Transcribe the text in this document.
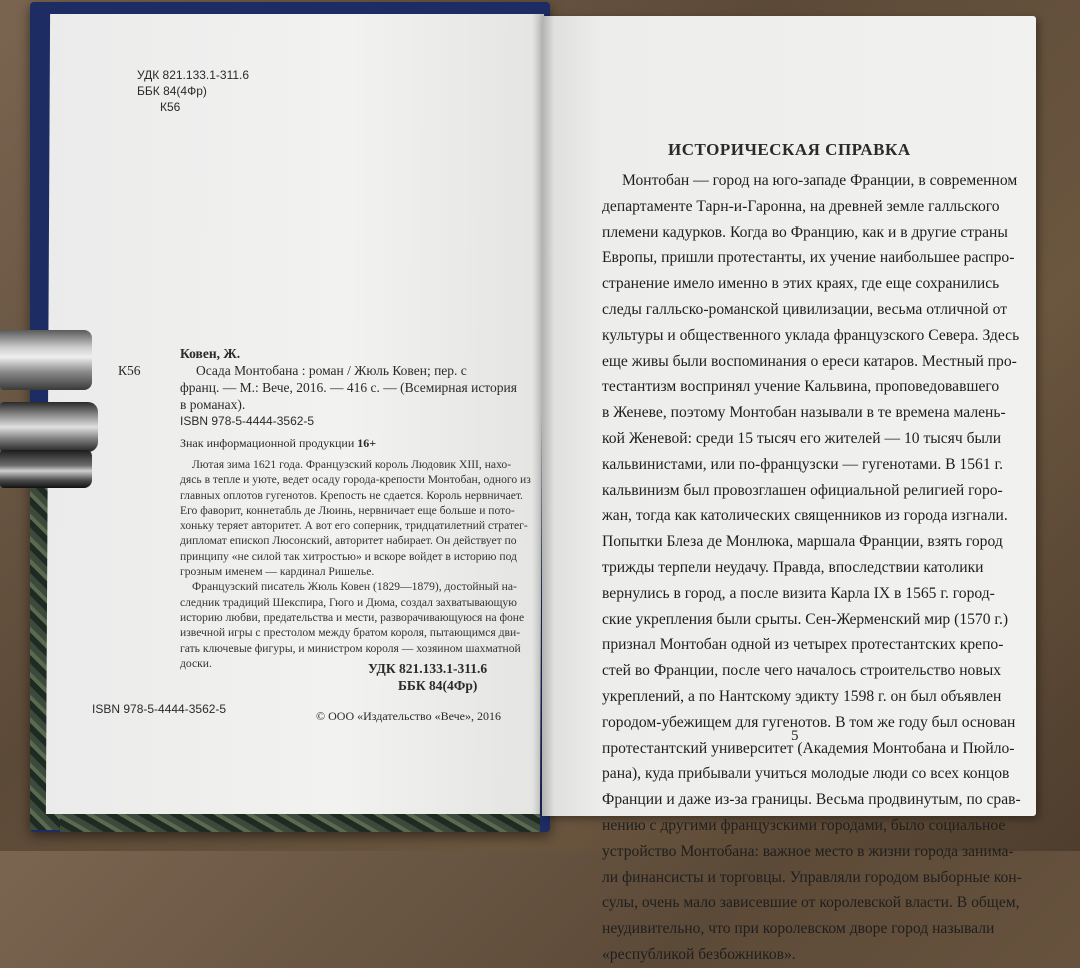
УДК 821.133.1-311.6
ББК 84(4Фр)
К56
Ковен, Ж.
К56	Осада Монтобана : роман / Жюль Ковен; пер. с
франц. — М.: Вече, 2016. — 416 с. — (Всемирная история
в романах).
ISBN 978-5-4444-3562-5
Знак информационной продукции 16+
Лютая зима 1621 года. Французский король Людовик XIII, нахо-
дясь в тепле и уюте, ведет осаду города-крепости Монтобан, одного из
главных оплотов гугенотов. Крепость не сдается. Король нервничает.
Его фаворит, коннетабль де Люинь, нервничает еще больше и пото-
хоньку теряет авторитет. А вот его соперник, тридцатилетний стратег-
дипломат епископ Люсонский, авторитет набирает. Он действует по
принципу «не силой так хитростью» и вскоре войдет в историю под
грозным именем — кардинал Ришелье.
Французский писатель Жюль Ковен (1829—1879), достойный на-
следник традиций Шекспира, Гюго и Дюма, создал захватывающую
историю любви, предательства и мести, разворачивающуюся на фоне
извечной игры с престолом между братом короля, пытающимся дви-
гать ключевые фигуры, и министром короля — хозяином шахматной
доски.	УДК 821.133.1-311.6
ББК 84(4Фр)
ISBN 978-5-4444-3562-5	© ООО «Издательство «Вече», 2016
ИСТОРИЧЕСКАЯ СПРАВКА
Монтобан — город на юго-западе Франции, в современном
департаменте Тарн-и-Гаронна, на древней земле галльского
племени кадурков. Когда во Францию, как и в другие страны
Европы, пришли протестанты, их учение наибольшее распро-
странение имело именно в этих краях, где еще сохранились
следы галльско-романской цивилизации, весьма отличной от
культуры и общественного уклада французского Севера. Здесь
еще живы были воспоминания о ереси катаров. Местный про-
тестантизм воспринял учение Кальвина, проповедовавшего
в Женеве, поэтому Монтобан называли в те времена малень-
кой Женевой: среди 15 тысяч его жителей — 10 тысяч были
кальвинистами, или по-французски — гугенотами. В 1561 г.
кальвинизм был провозглашен официальной религией горо-
жан, тогда как католических священников из города изгнали.
Попытки Блеза де Монлюка, маршала Франции, взять город
трижды терпели неудачу. Правда, впоследствии католики
вернулись в город, а после визита Карла IX в 1565 г. город-
ские укрепления были срыты. Сен-Жерменский мир (1570 г.)
признал Монтобан одной из четырех протестантских крепо-
стей во Франции, после чего началось строительство новых
укреплений, а по Нантскому эдикту 1598 г. он был объявлен
городом-убежищем для гугенотов. В том же году был основан
протестантский университет (Академия Монтобана и Пюйло-
рана), куда прибывали учиться молодые люди со всех концов
Франции и даже из-за границы. Весьма продвинутым, по срав-
нению с другими французскими городами, было социальное
устройство Монтобана: важное место в жизни города занима-
ли финансисты и торговцы. Управляли городом выборные кон-
сулы, очень мало зависевшие от королевской власти. В общем,
неудивительно, что при королевском дворе город называли
«республикой безбожников».
5
